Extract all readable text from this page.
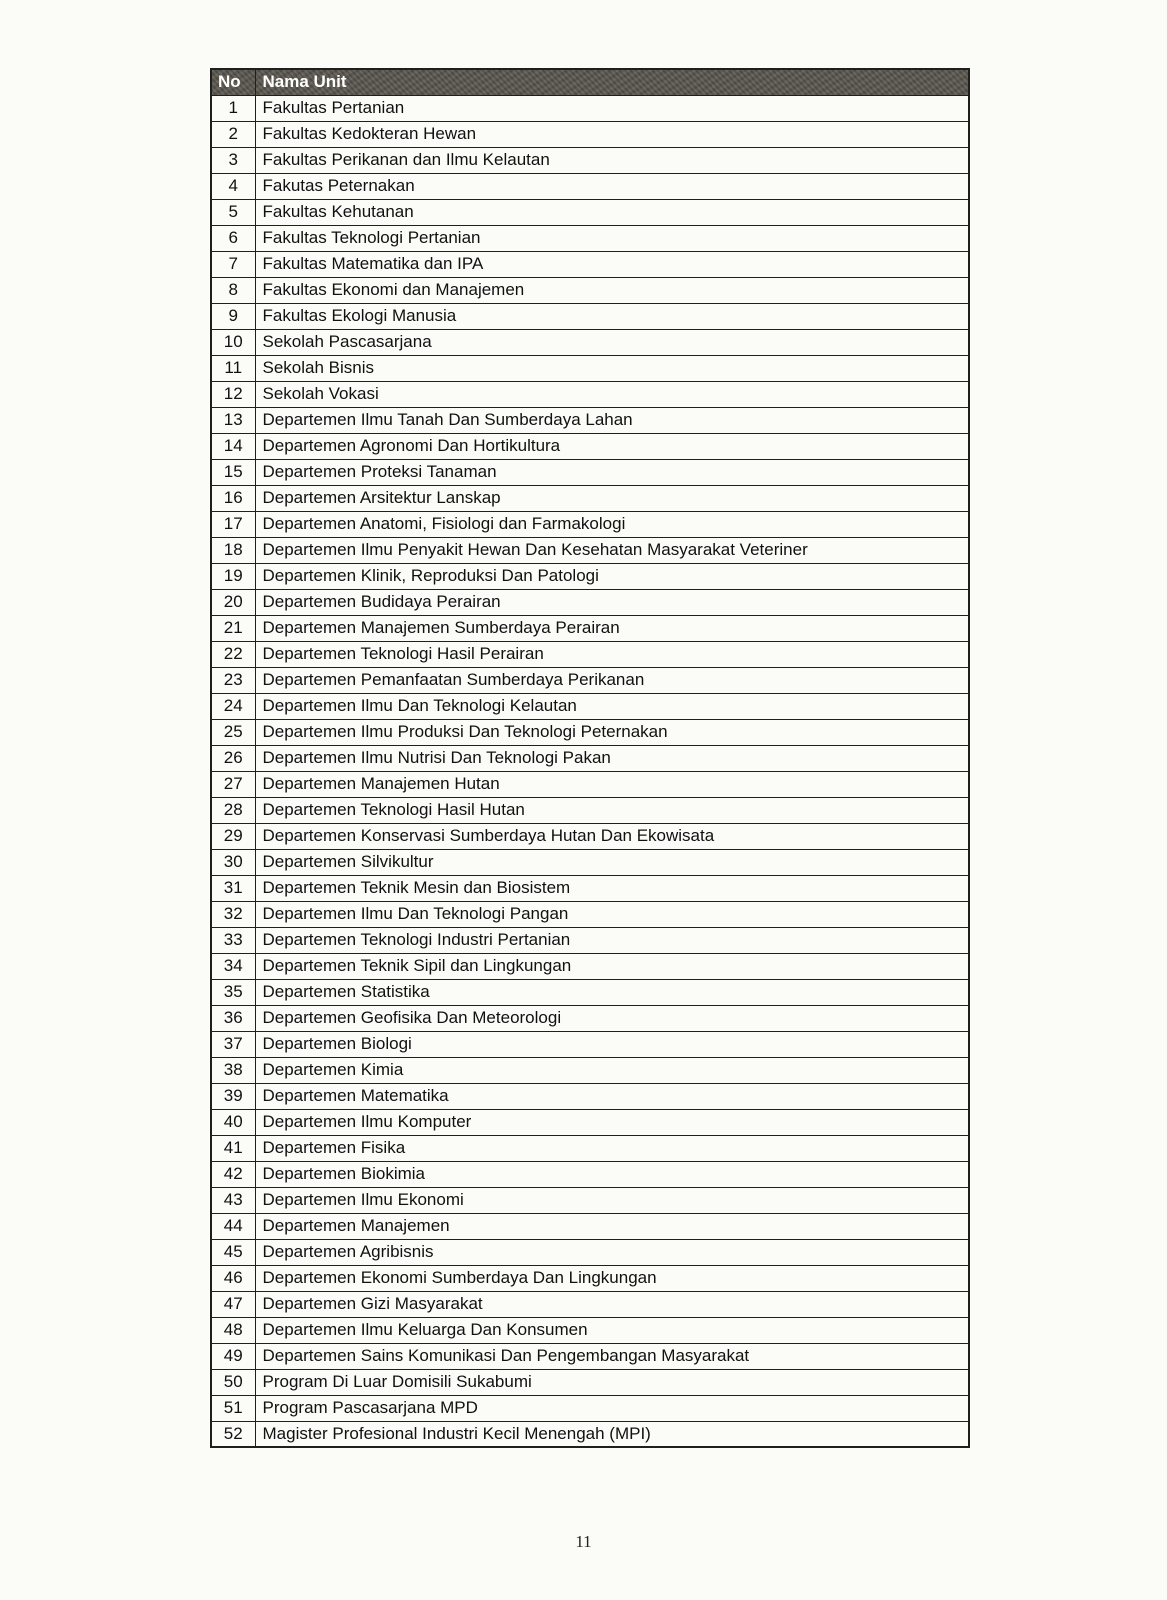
No	Nama Unit
1	Fakultas Pertanian
2	Fakultas Kedokteran Hewan
3	Fakultas Perikanan dan Ilmu Kelautan
4	Fakutas Peternakan
5	Fakultas Kehutanan
6	Fakultas Teknologi Pertanian
7	Fakultas Matematika dan IPA
8	Fakultas Ekonomi dan Manajemen
9	Fakultas Ekologi Manusia
10	Sekolah Pascasarjana
11	Sekolah Bisnis
12	Sekolah Vokasi
13	Departemen Ilmu Tanah Dan Sumberdaya Lahan
14	Departemen Agronomi Dan Hortikultura
15	Departemen Proteksi Tanaman
16	Departemen Arsitektur Lanskap
17	Departemen Anatomi, Fisiologi dan Farmakologi
18	Departemen Ilmu Penyakit Hewan Dan Kesehatan Masyarakat Veteriner
19	Departemen Klinik, Reproduksi Dan Patologi
20	Departemen Budidaya Perairan
21	Departemen Manajemen Sumberdaya Perairan
22	Departemen Teknologi Hasil Perairan
23	Departemen Pemanfaatan Sumberdaya Perikanan
24	Departemen Ilmu Dan Teknologi Kelautan
25	Departemen Ilmu Produksi Dan Teknologi Peternakan
26	Departemen Ilmu Nutrisi Dan Teknologi Pakan
27	Departemen Manajemen Hutan
28	Departemen Teknologi Hasil Hutan
29	Departemen Konservasi Sumberdaya Hutan Dan Ekowisata
30	Departemen Silvikultur
31	Departemen Teknik Mesin dan Biosistem
32	Departemen Ilmu Dan Teknologi Pangan
33	Departemen Teknologi Industri Pertanian
34	Departemen Teknik Sipil dan Lingkungan
35	Departemen Statistika
36	Departemen Geofisika Dan Meteorologi
37	Departemen Biologi
38	Departemen Kimia
39	Departemen Matematika
40	Departemen Ilmu Komputer
41	Departemen Fisika
42	Departemen Biokimia
43	Departemen Ilmu Ekonomi
44	Departemen Manajemen
45	Departemen Agribisnis
46	Departemen Ekonomi Sumberdaya Dan Lingkungan
47	Departemen Gizi Masyarakat
48	Departemen Ilmu Keluarga Dan Konsumen
49	Departemen Sains Komunikasi Dan Pengembangan Masyarakat
50	Program Di Luar Domisili Sukabumi
51	Program Pascasarjana MPD
52	Magister Profesional Industri Kecil Menengah (MPI)
11
